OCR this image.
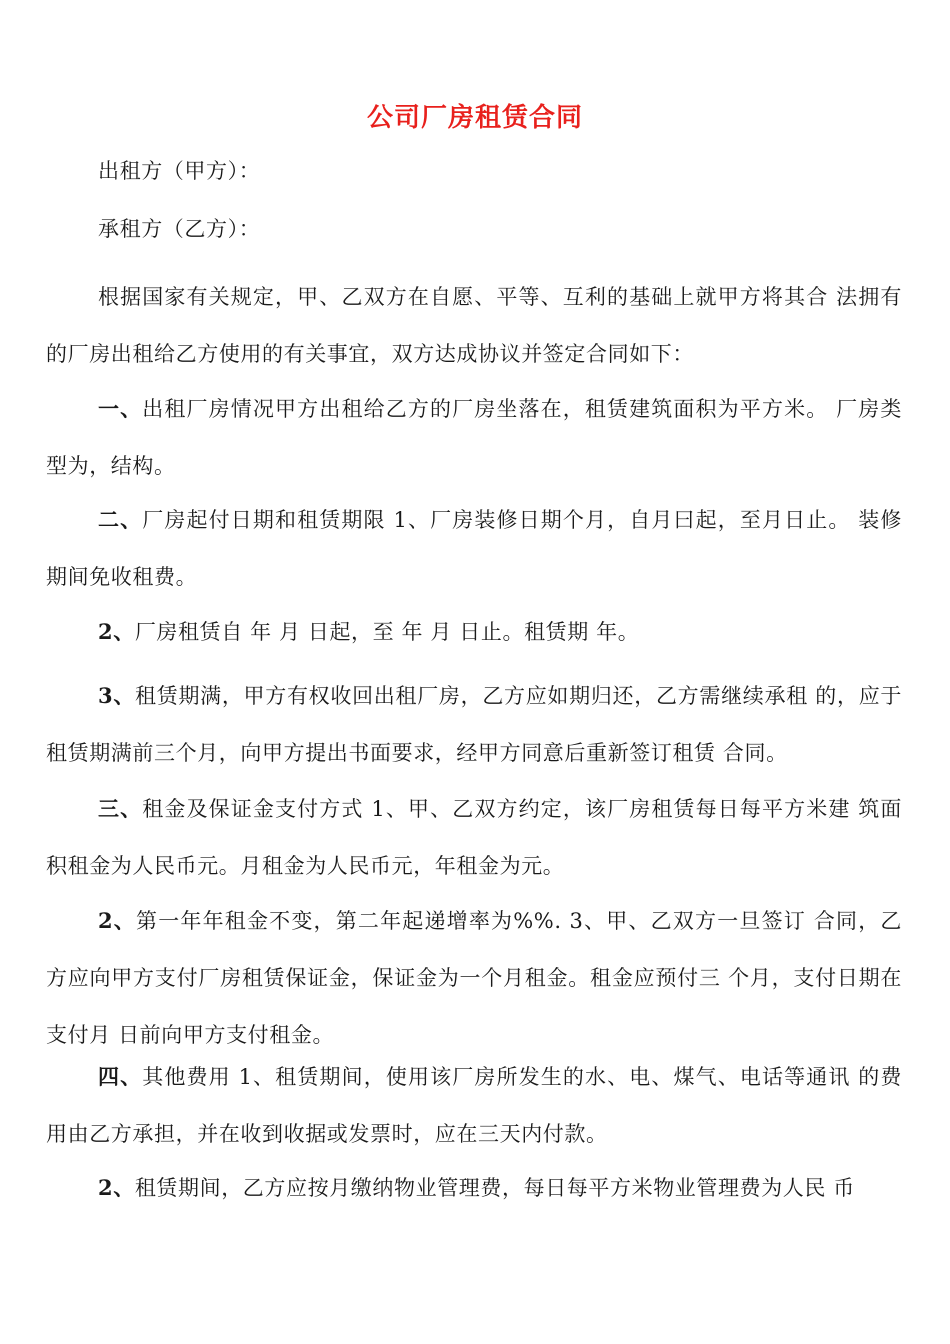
公司厂房租赁合同
出租方（甲方）：
承租方（乙方）：
根据国家有关规定，甲、乙双方在自愿、平等、互利的基础上就甲方将其合 法拥有的厂房出租给乙方使用的有关事宜，双方达成协议并签定合同如下：
一、出租厂房情况甲方出租给乙方的厂房坐落在，租赁建筑面积为平方米。 厂房类型为，结构。
二、厂房起付日期和租赁期限 1、厂房装修日期个月，自月曰起，至月日止。 装修期间免收租费。
2、厂房租赁自 年 月 日起，至 年 月 日止。租赁期 年。
3、租赁期满，甲方有权收回出租厂房，乙方应如期归还，乙方需继续承租 的，应于租赁期满前三个月，向甲方提出书面要求，经甲方同意后重新签订租赁 合同。
三、租金及保证金支付方式 1、甲、乙双方约定，该厂房租赁每日每平方米建 筑面积租金为人民币元。月租金为人民币元，年租金为元。
2、第一年年租金不变，第二年起递增率为%%. 3、甲、乙双方一旦签订 合同，乙方应向甲方支付厂房租赁保证金，保证金为一个月租金。租金应预付三 个月，支付日期在支付月 日前向甲方支付租金。
四、其他费用 1、租赁期间，使用该厂房所发生的水、电、煤气、电话等通讯 的费用由乙方承担，并在收到收据或发票时，应在三天内付款。
2、租赁期间，乙方应按月缴纳物业管理费，每日每平方米物业管理费为人民 币
